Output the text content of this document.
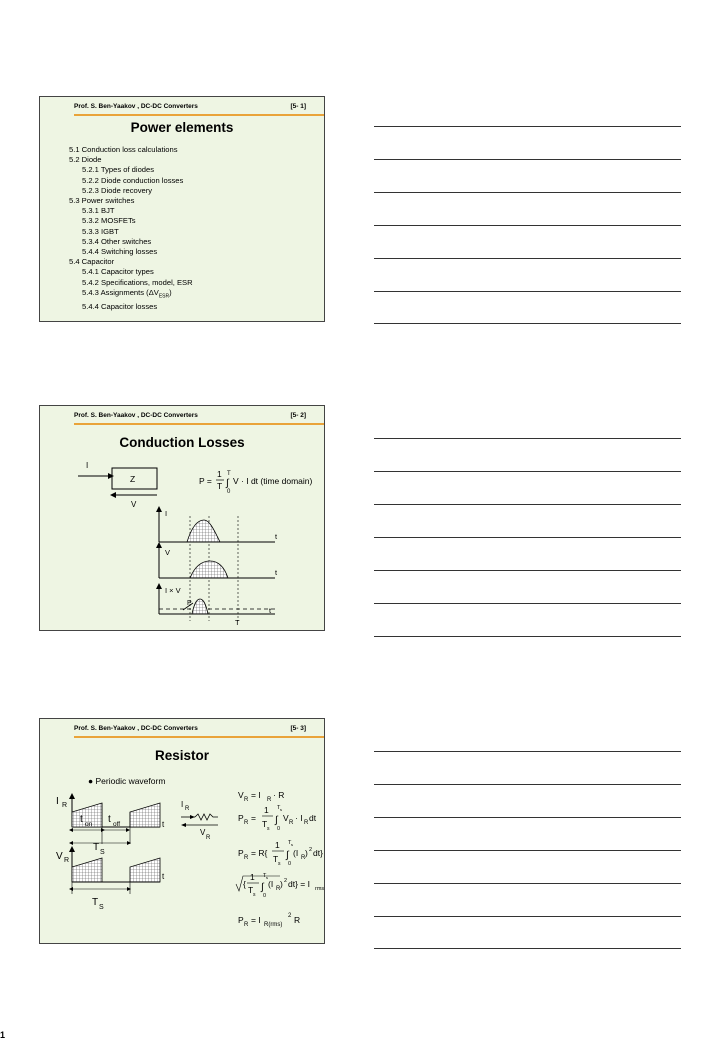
Prof. S. Ben-Yaakov , DC-DC Converters	[5- 1]
Power elements
5.1 Conduction loss calculations
5.2 Diode
5.2.1 Types of diodes
5.2.2 Diode conduction losses
5.2.3 Diode recovery
5.3 Power switches
5.3.1 BJT
5.3.2 MOSFETs
5.3.3 IGBT
5.3.4 Other switches
5.4.4 Switching losses
5.4 Capacitor
5.4.1 Capacitor types
5.4.2 Specifications, model, ESR
5.4.3 Assignments $(\Delta V_{ESR})$
5.4.4 Capacitor losses
Prof. S. Ben-Yaakov , DC-DC Converters	[5- 2]
Conduction Losses
I
Z
V
P =
1
T
T
∫
0
V · I dt (time domain)
I
t
V
t
I × V
P
t
T
Prof. S. Ben-Yaakov , DC-DC Converters	[5- 3]
Resistor
● Periodic waveform
I R
t on t off	t
T S
V R
t
T S
I R
V
R
V R = I R · R
P R =
1
T s
T s
∫
0
V R · I R dt
P R = R{
1
T s
T s
∫
0
(I R ) 2 dt}
{
1
T s
T s
∫
0
(I R ) 2 dt} = I rms
P R = I R(rms)
2 R
1
